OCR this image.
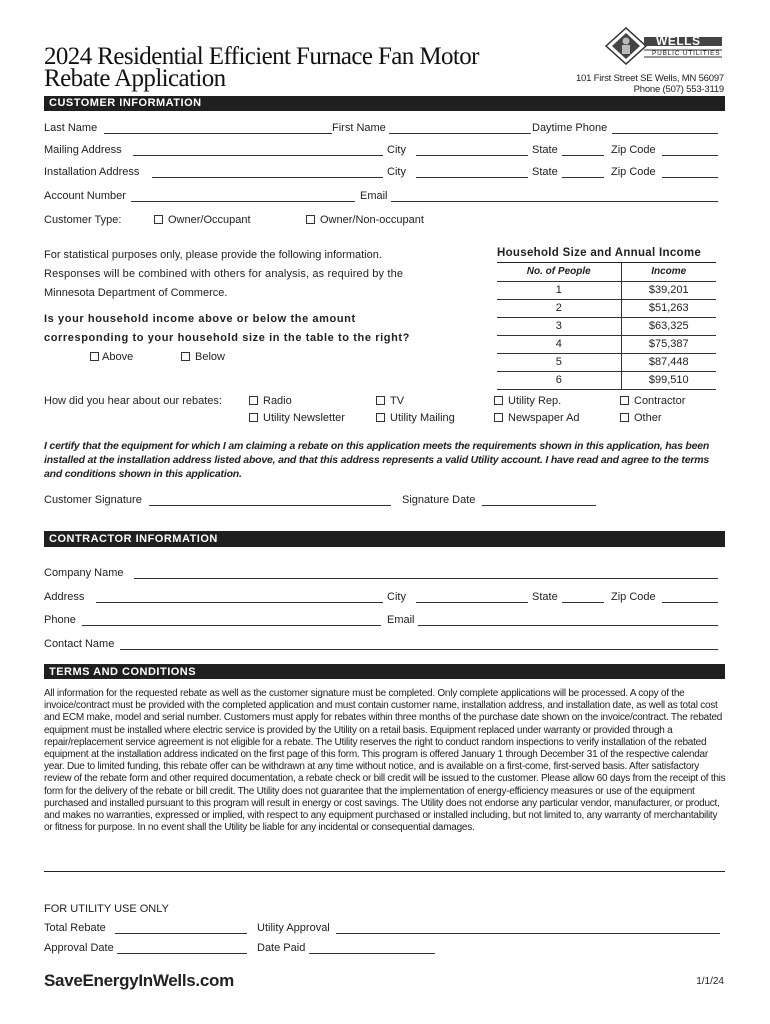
2024 Residential Efficient Furnace Fan Motor
Rebate Application
WELLS
PUBLIC UTILITIES
101 First Street SE Wells, MN 56097
Phone (507) 553-3119
CUSTOMER INFORMATION
Last Name	First Name	Daytime Phone
Mailing Address	City	State	Zip Code
Installation Address	City	State	Zip Code
Account Number	Email
Customer Type:	Owner/Occupant	Owner/Non-occupant
For statistical purposes only, please provide the following information.
Responses will be combined with others for analysis, as required by the
Minnesota Department of Commerce.
Is your household income above or below the amount
corresponding to your household size in the table to the right?
Above	Below
Household Size and Annual Income
No. of People	Income
1	$39,201
2	$51,263
3	$63,325
4	$75,387
5	$87,448
6	$99,510
How did you hear about our rebates:	Radio	TV	Utility Rep.	Contractor
Utility Newsletter	Utility Mailing	Newspaper Ad	Other
I certify that the equipment for which I am claiming a rebate on this application meets the requirements shown in this application, has been installed at the installation address listed above, and that this address represents a valid Utility account. I have read and agree to the terms and conditions shown in this application.
Customer Signature	Signature Date
CONTRACTOR INFORMATION
Company Name
Address	City	State	Zip Code
Phone	Email
Contact Name
TERMS AND CONDITIONS
All information for the requested rebate as well as the customer signature must be completed. Only complete applications will be processed. A copy of the invoice/contract must be provided with the completed application and must contain customer name, installation address, and installation date, as well as total cost and ECM make, model and serial number. Customers must apply for rebates within three months of the purchase date shown on the invoice/contract. The rebated equipment must be installed where electric service is provided by the Utility on a retail basis. Equipment replaced under warranty or provided through a repair/replacement service agreement is not eligible for a rebate. The Utility reserves the right to conduct random inspections to verify installation of the rebated equipment at the installation address indicated on the first page of this form. This program is offered January 1 through December 31 of the respective calendar year. Due to limited funding, this rebate offer can be withdrawn at any time without notice, and is available on a first-come, first-served basis. After satisfactory review of the rebate form and other required documentation, a rebate check or bill credit will be issued to the customer. Please allow 60 days from the receipt of this form for the delivery of the rebate or bill credit. The Utility does not guarantee that the implementation of energy-efficiency measures or use of the equipment purchased and installed pursuant to this program will result in energy or cost savings. The Utility does not endorse any particular vendor, manufacturer, or product, and makes no warranties, expressed or implied, with respect to any equipment purchased or installed including, but not limited to, any warranty of merchantability or fitness for purpose. In no event shall the Utility be liable for any incidental or consequential damages.
FOR UTILITY USE ONLY
Total Rebate	Utility Approval
Approval Date	Date Paid
SaveEnergyInWells.com	1/1/24
